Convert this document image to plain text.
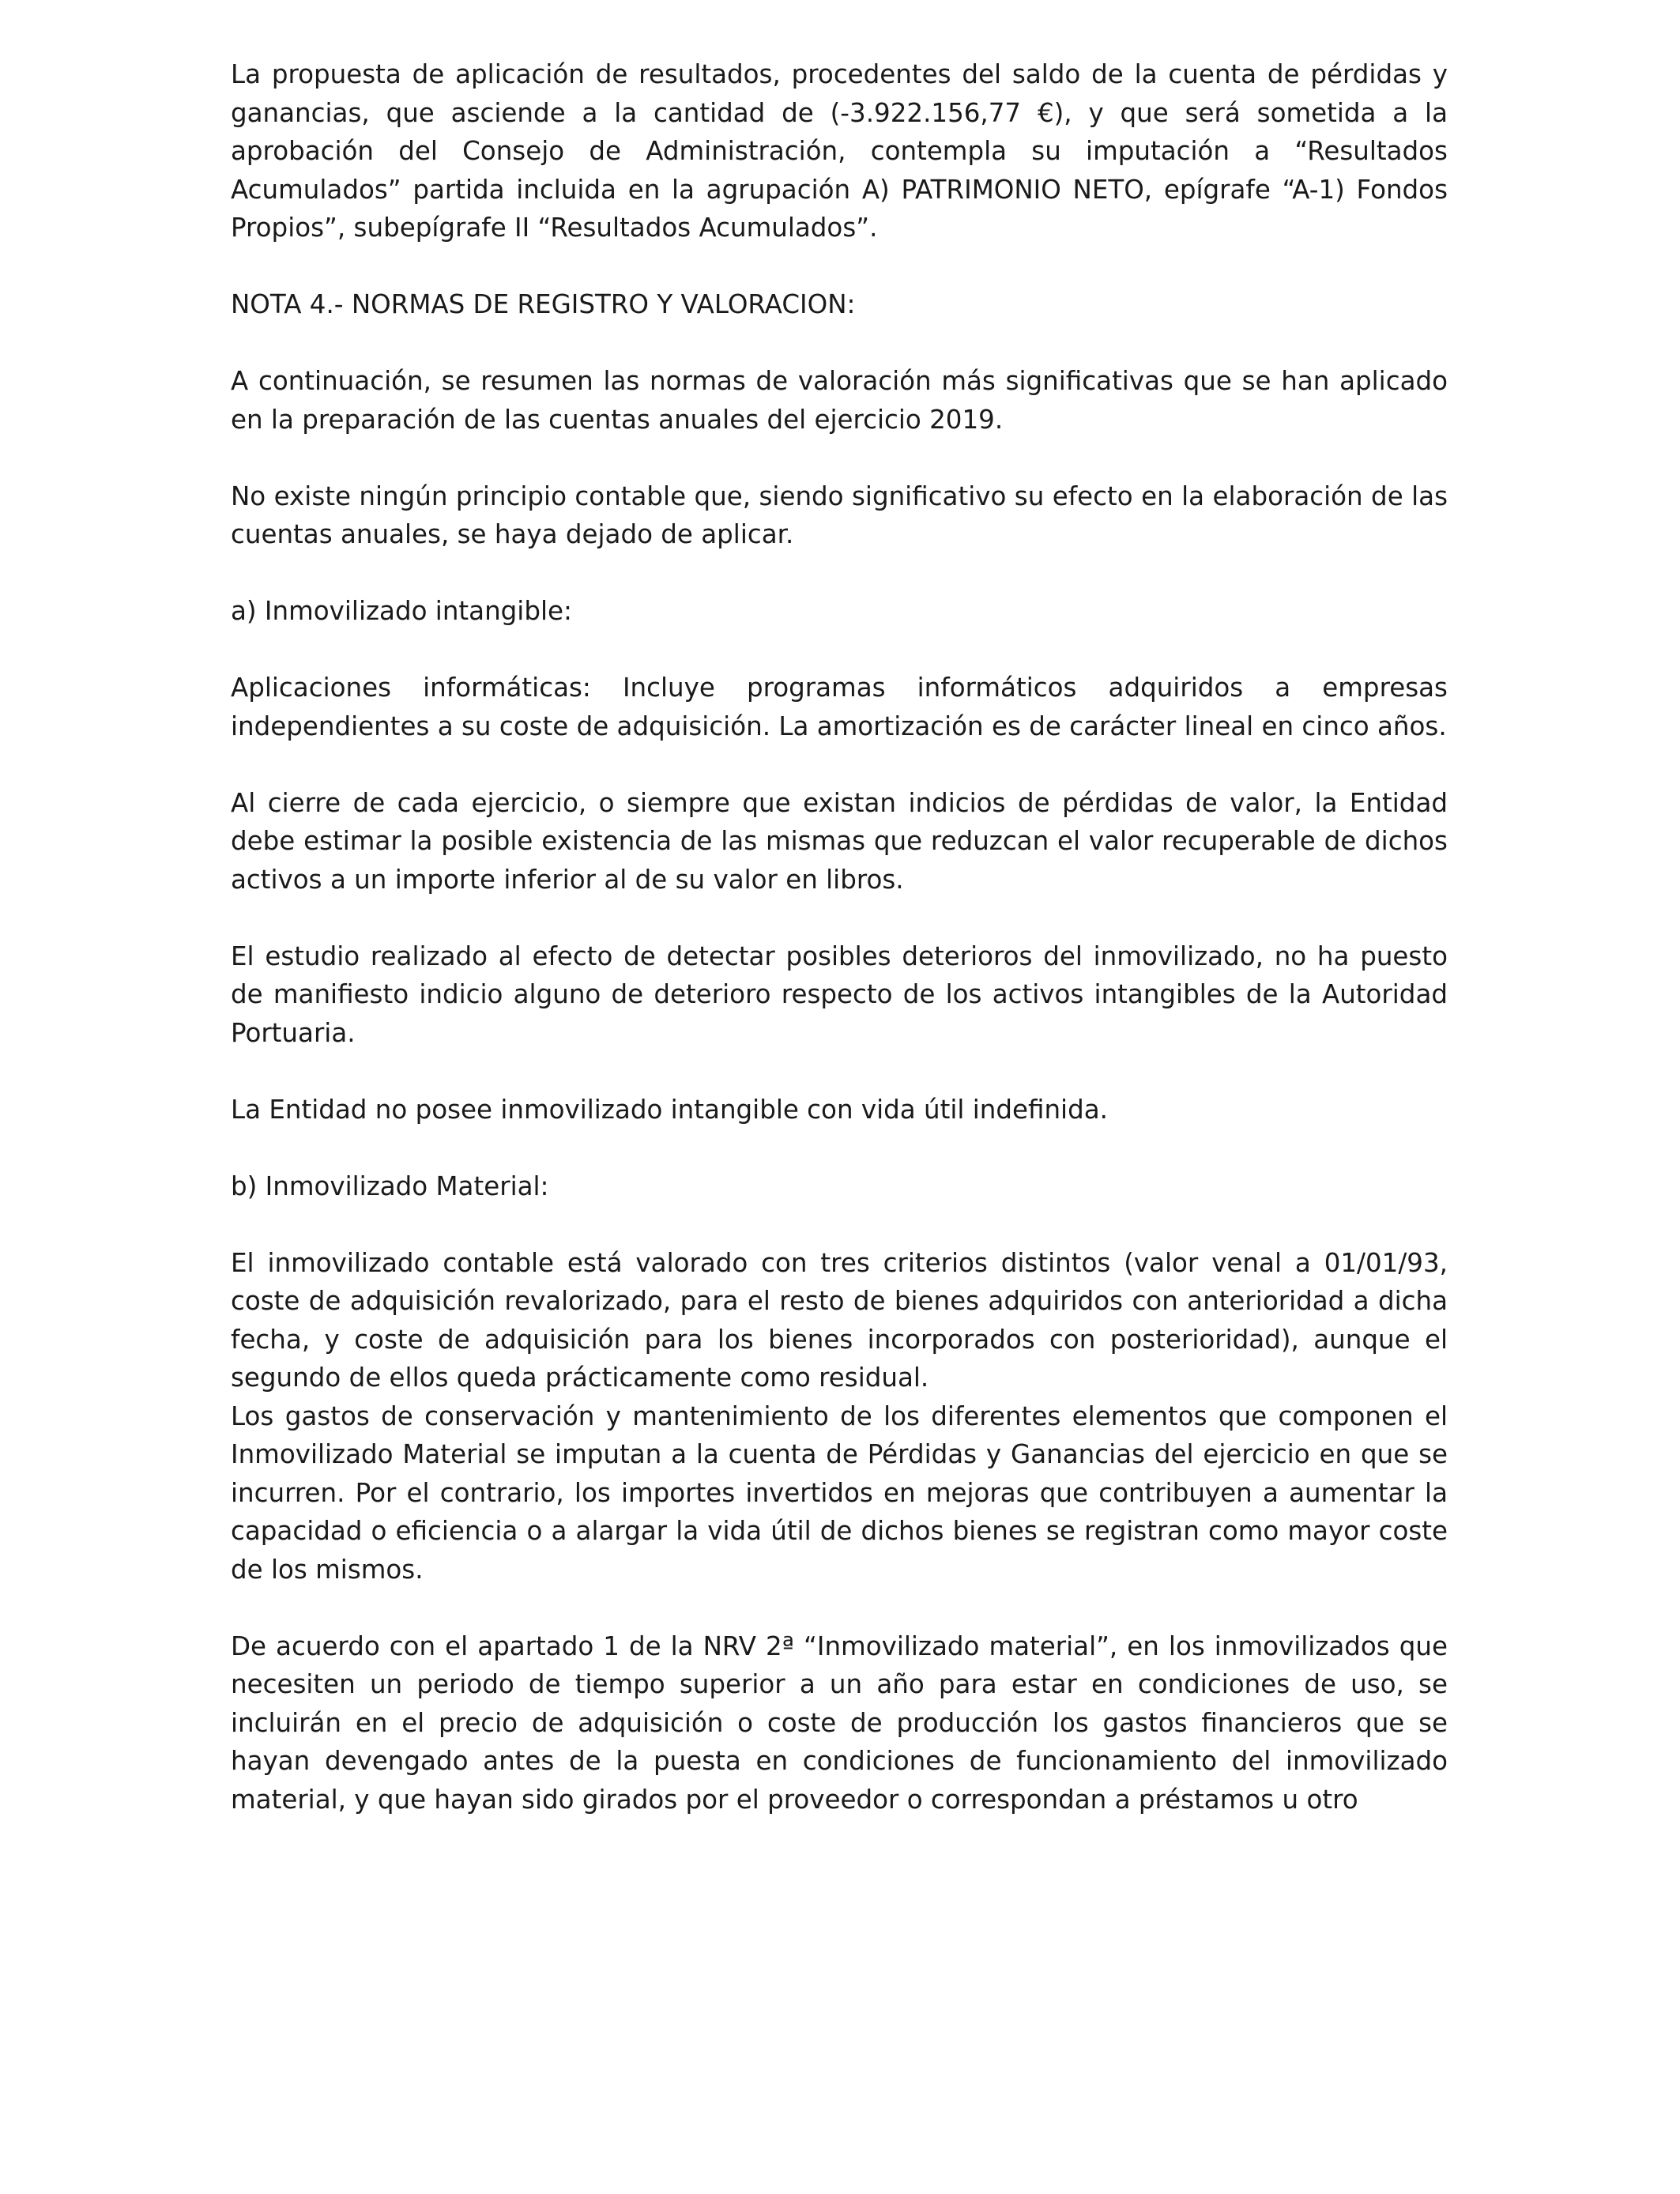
La propuesta de aplicación de resultados, procedentes del saldo de la cuenta de pérdidas y ganancias, que asciende a la cantidad de (-3.922.156,77 €), y que será sometida a la aprobación del Consejo de Administración, contempla su imputación a “Resultados Acumulados” partida incluida en la agrupación A) PATRIMONIO NETO, epígrafe “A-1) Fondos Propios”, subepígrafe II “Resultados Acumulados”.

NOTA 4.- NORMAS DE REGISTRO Y VALORACION:

A continuación, se resumen las normas de valoración más significativas que se han aplicado en la preparación de las cuentas anuales del ejercicio 2019.

No existe ningún principio contable que, siendo significativo su efecto en la elaboración de las cuentas anuales, se haya dejado de aplicar.

a) Inmovilizado intangible:

Aplicaciones informáticas: Incluye programas informáticos adquiridos a empresas independientes a su coste de adquisición. La amortización es de carácter lineal en cinco años.

Al cierre de cada ejercicio, o siempre que existan indicios de pérdidas de valor, la Entidad debe estimar la posible existencia de las mismas que reduzcan el valor recuperable de dichos activos a un importe inferior al de su valor en libros.

El estudio realizado al efecto de detectar posibles deterioros del inmovilizado, no ha puesto de manifiesto indicio alguno de deterioro respecto de los activos intangibles de la Autoridad Portuaria.

La Entidad no posee inmovilizado intangible con vida útil indefinida.

b) Inmovilizado Material:

El inmovilizado contable está valorado con tres criterios distintos (valor venal a 01/01/93, coste de adquisición revalorizado, para el resto de bienes adquiridos con anterioridad a dicha fecha, y coste de adquisición para los bienes incorporados con posterioridad), aunque el segundo de ellos queda prácticamente como residual.

Los gastos de conservación y mantenimiento de los diferentes elementos que componen el Inmovilizado Material se imputan a la cuenta de Pérdidas y Ganancias del ejercicio en que se incurren. Por el contrario, los importes invertidos en mejoras que contribuyen a aumentar la capacidad o eficiencia o a alargar la vida útil de dichos bienes se registran como mayor coste de los mismos.

De acuerdo con el apartado 1 de la NRV 2ª “Inmovilizado material”, en los inmovilizados que necesiten un periodo de tiempo superior a un año para estar en condiciones de uso, se incluirán en el precio de adquisición o coste de producción los gastos financieros que se hayan devengado antes de la puesta en condiciones de funcionamiento del inmovilizado material, y que hayan sido girados por el proveedor o correspondan a préstamos u otro
